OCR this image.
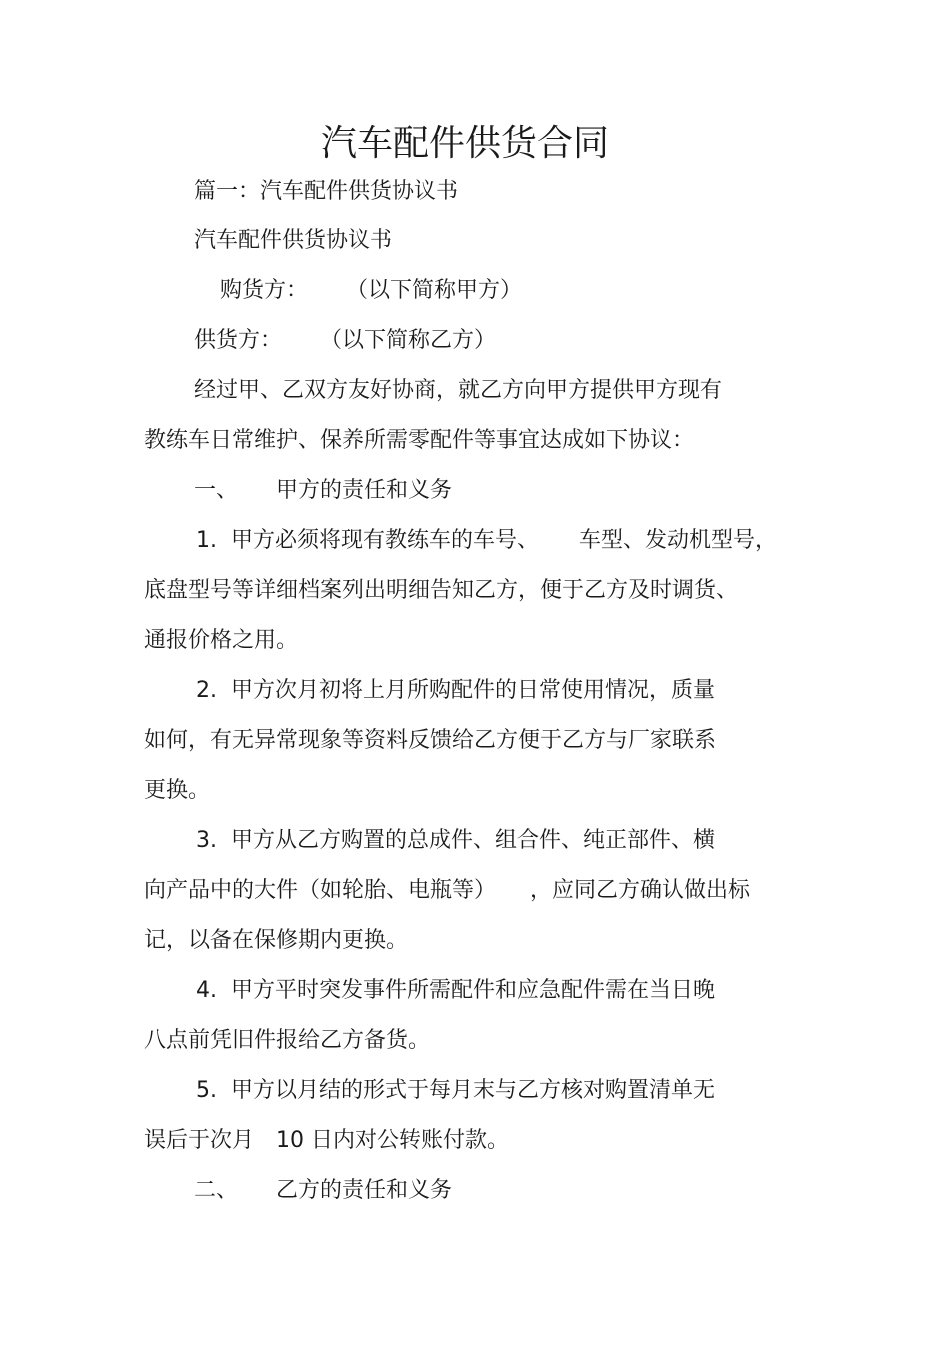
汽车配件供货合同
篇一：汽车配件供货协议书
汽车配件供货协议书
购货方： （以下简称甲方）
供货方： （以下简称乙方）
经过甲、乙双方友好协商，就乙方向甲方提供甲方现有
教练车日常维护、保养所需零配件等事宜达成如下协议：
一、 甲方的责任和义务
1. 甲方必须将现有教练车的车号、 车型、发动机型号，
底盘型号等详细档案列出明细告知乙方，便于乙方及时调货、
通报价格之用。
2. 甲方次月初将上月所购配件的日常使用情况，质量
如何，有无异常现象等资料反馈给乙方便于乙方与厂家联系
更换。
3. 甲方从乙方购置的总成件、组合件、纯正部件、横
向产品中的大件（如轮胎、电瓶等） ，应同乙方确认做出标
记，以备在保修期内更换。
4. 甲方平时突发事件所需配件和应急配件需在当日晚
八点前凭旧件报给乙方备货。
5. 甲方以月结的形式于每月末与乙方核对购置清单无
误后于次月 10 日内对公转账付款。
二、 乙方的责任和义务
